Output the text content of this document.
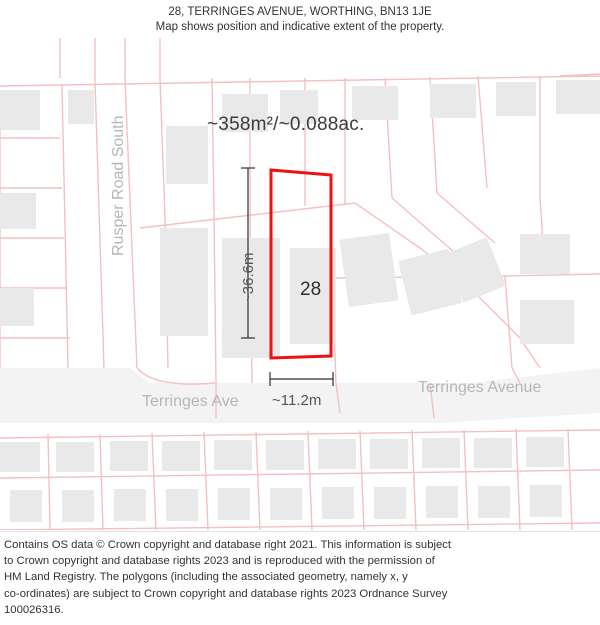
28, TERRINGES AVENUE, WORTHING, BN13 1JE
Map shows position and indicative extent of the property.
~358m²/~0.088ac.
28
~36.6m
~11.2m
Rusper Road South
Terringes Ave
Terringes Avenue
Contains OS data © Crown copyright and database right 2021. This information is subject
to Crown copyright and database rights 2023 and is reproduced with the permission of
HM Land Registry. The polygons (including the associated geometry, namely x, y
co-ordinates) are subject to Crown copyright and database rights 2023 Ordnance Survey
100026316.
